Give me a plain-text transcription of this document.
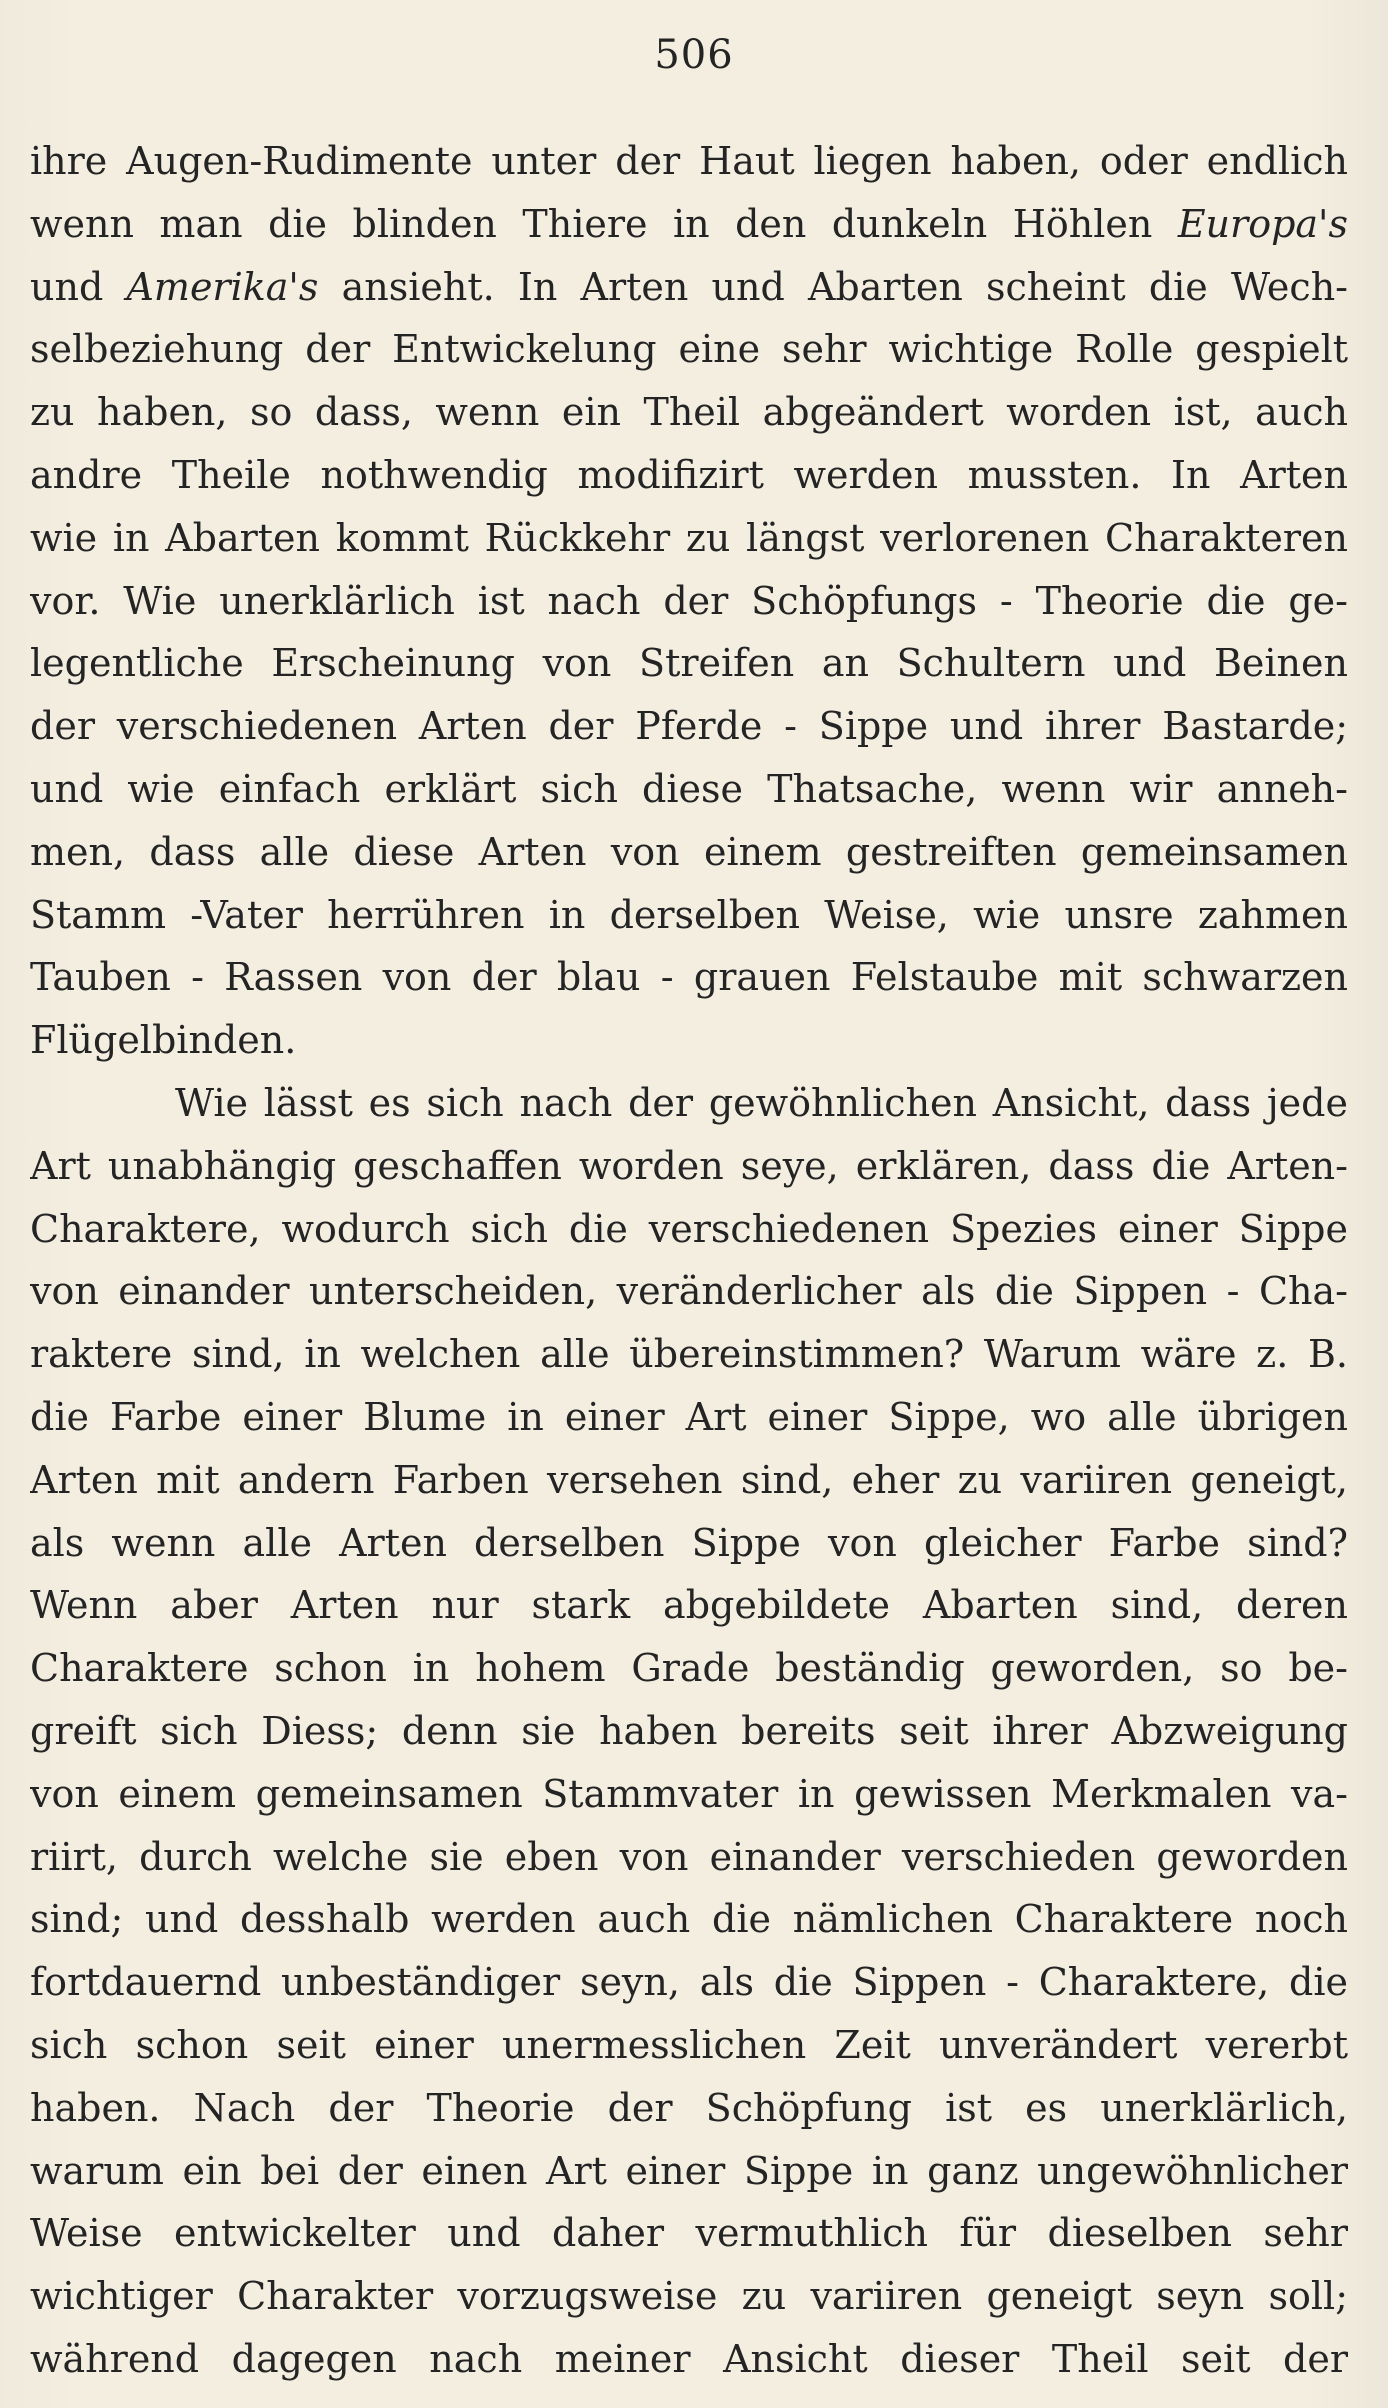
506
ihre Augen-Rudimente unter der Haut liegen haben, oder endlich
wenn man die blinden Thiere in den dunkeln Höhlen Europa's
und Amerika's ansieht. In Arten und Abarten scheint die Wech-
selbeziehung der Entwickelung eine sehr wichtige Rolle gespielt
zu haben, so dass, wenn ein Theil abgeändert worden ist, auch
andre Theile nothwendig modifizirt werden mussten. In Arten
wie in Abarten kommt Rückkehr zu längst verlorenen Charakteren
vor. Wie unerklärlich ist nach der Schöpfungs - Theorie die ge-
legentliche Erscheinung von Streifen an Schultern und Beinen
der verschiedenen Arten der Pferde - Sippe und ihrer Bastarde;
und wie einfach erklärt sich diese Thatsache, wenn wir anneh-
men, dass alle diese Arten von einem gestreiften gemeinsamen
Stamm -Vater herrühren in derselben Weise, wie unsre zahmen
Tauben - Rassen von der blau - grauen Felstaube mit schwarzen
Flügelbinden.
Wie lässt es sich nach der gewöhnlichen Ansicht, dass jede
Art unabhängig geschaffen worden seye, erklären, dass die Arten-
Charaktere, wodurch sich die verschiedenen Spezies einer Sippe
von einander unterscheiden, veränderlicher als die Sippen - Cha-
raktere sind, in welchen alle übereinstimmen? Warum wäre z. B.
die Farbe einer Blume in einer Art einer Sippe, wo alle übrigen
Arten mit andern Farben versehen sind, eher zu variiren geneigt,
als wenn alle Arten derselben Sippe von gleicher Farbe sind?
Wenn aber Arten nur stark abgebildete Abarten sind, deren
Charaktere schon in hohem Grade beständig geworden, so be-
greift sich Diess; denn sie haben bereits seit ihrer Abzweigung
von einem gemeinsamen Stammvater in gewissen Merkmalen va-
riirt, durch welche sie eben von einander verschieden geworden
sind; und desshalb werden auch die nämlichen Charaktere noch
fortdauernd unbeständiger seyn, als die Sippen - Charaktere, die
sich schon seit einer unermesslichen Zeit unverändert vererbt
haben. Nach der Theorie der Schöpfung ist es unerklärlich,
warum ein bei der einen Art einer Sippe in ganz ungewöhnlicher
Weise entwickelter und daher vermuthlich für dieselben sehr
wichtiger Charakter vorzugsweise zu variiren geneigt seyn soll;
während dagegen nach meiner Ansicht dieser Theil seit der
